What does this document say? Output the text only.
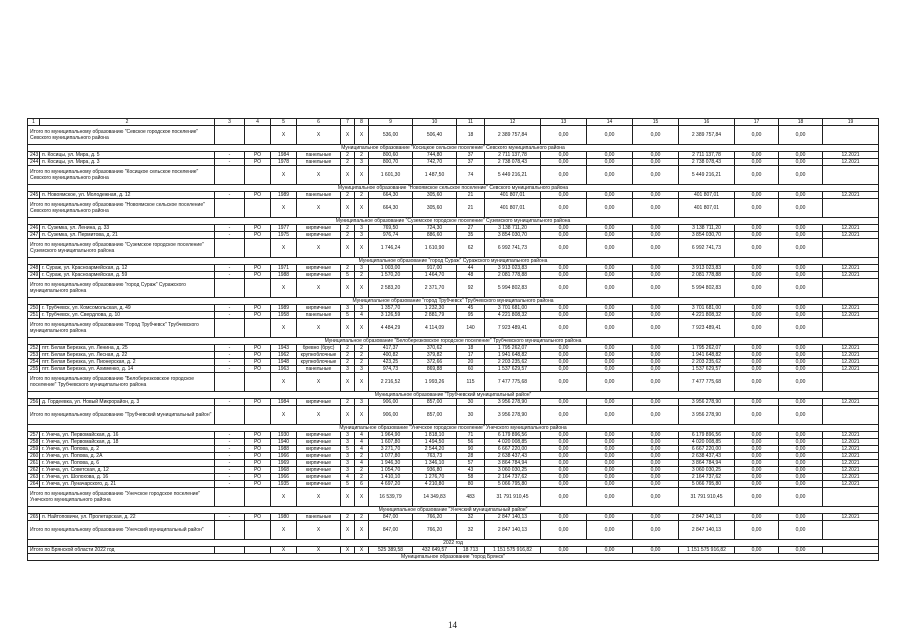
1	2	3	4	5	6	7	8	9	10	11	12	13	14	15	16	17	18	19
Итого по муниципальному образованию "Севское городское поселение" Севского муниципального района				X	X	X	X	536,00	506,40	18	2 389 757,84	0,00	0,00	0,00	2 389 757,84	0,00	0,00	
Муниципальное образование "Косицкое сельское поселение" Севского муниципального района																		
243	п. Косицы, ул. Мира, д. 5	-	РО	1984	панельные	2	2	800,60	744,80	37	2 711 137,78	0,00	0,00	0,00	2 711 137,78	0,00	0,00	12.2021
244	п. Косицы, ул. Мира, д. 3	-	РО	1978	панельные	2	3	800,70	742,70	37	2 738 078,43	0,00	0,00	0,00	2 738 078,43	0,00	0,00	12.2021
Итого по муниципальному образованию "Косицкое сельское поселение" Севского муниципального района				X	X	X	X	1 601,30	1 487,50	74	5 449 216,21	0,00	0,00	0,00	5 449 216,21	0,00	0,00	
Муниципальное образование "Новоямское сельское поселение" Севского муниципального района																		
245	п. Новоямское, ул. Молодежная, д. 12	-	РО	1989	панельные	2	2	664,30	305,60	21	401 807,01	0,00	0,00	0,00	401 807,01	0,00	0,00	12.2021
Итого по муниципальному образованию "Новоямское сельское поселение" Севского муниципального района				X	X	X	X	664,30	305,60	21	401 807,01	0,00	0,00	0,00	401 807,01	0,00	0,00	
Муниципальное образование "Суземское городское поселение" Суземского муниципального района																		
246	п. Суземка, ул. Ленина, д. 33	-	РО	1977	кирпичные	2	3	769,50	724,30	27	3 138 711,20	0,00	0,00	0,00	3 138 711,20	0,00	0,00	12.2021
247	п. Суземка, ул. Пермитова, д. 21	-	РО	1975	кирпичные	2	3	976,74	886,60	35	3 854 030,70	0,00	0,00	0,00	3 854 030,70	0,00	0,00	12.2021
Итого по муниципальному образованию "Суземское городское поселение" Суземского муниципального района				X	X	X	X	1 746,24	1 610,90	62	6 992 741,73	0,00	0,00	0,00	6 992 741,73	0,00	0,00	
Муниципальное образование "город Сураж" Суражского муниципального района																		
248	г. Сураж, ул. Красноармейская, д. 12	-	РО	1971	кирпичные	2	3	1 003,00	917,00	44	3 913 023,83	0,00	0,00	0,00	3 913 023,83	0,00	0,00	12.2021
249	г. Сураж, ул. Красноармейская, д. 59	-	РО	1988	кирпичные	5	2	1 570,20	1 464,70	48	2 081 778,88	0,00	0,00	0,00	2 081 778,88	0,00	0,00	12.2021
Итого по муниципальному образованию "город Сураж" Суражского муниципального района				X	X	X	X	2 583,20	2 371,70	92	5 994 802,83	0,00	0,00	0,00	5 994 802,83	0,00	0,00	
Муниципальное образование "город Трубчевск" Трубчевского муниципального района																		
250	г. Трубчевск, ул. Комсомольская, д. 49	-	РО	1989	кирпичные	3	3	1 357,70	1 232,30	45	3 701 681,00	0,00	0,00	0,00	3 701 681,00	0,00	0,00	12.2021
251	г. Трубчевск, ул. Свердлова, д. 10	-	РО	1958	панельные	5	4	3 126,59	2 881,79	95	4 221 808,32	0,00	0,00	0,00	4 221 808,32	0,00	0,00	12.2021
Итого по муниципальному образованию "Город Трубчевск" Трубчевского муниципального района				X	X	X	X	4 484,29	4 114,09	140	7 923 489,41	0,00	0,00	0,00	7 923 489,41	0,00	0,00	
Муниципальное образование "Белоберезковское городское поселение" Трубчевского муниципального района																		
252	пгт. Белая Березка, ул. Ленина, д. 25	-	РО	1943	бревно (брус)	2	2	417,37	370,62	18	1 795 262,07	0,00	0,00	0,00	1 795 262,07	0,00	0,00	12.2021
253	пгт. Белая Березка, ул. Лесная, д. 22	-	РО	1962	крупноблочные	2	2	400,82	379,82	17	1 941 648,82	0,00	0,00	0,00	1 941 648,82	0,00	0,00	12.2021
254	пгт. Белая Березка, ул. Пионерская, д. 2	-	РО	1948	крупноблочные	2	2	423,25	372,66	20	2 203 235,62	0,00	0,00	0,00	2 203 235,62	0,00	0,00	12.2021
255	пгт. Белая Березка, ул. Ахименко, д. 14	-	РО	1963	панельные	3	3	974,73	869,88	60	1 537 629,57	0,00	0,00	0,00	1 537 629,57	0,00	0,00	12.2021
Итого по муниципальному образованию "Белоберезковское городское поселение" Трубчевского муниципального района				X	X	X	X	2 216,52	1 993,26	115	7 477 775,68	0,00	0,00	0,00	7 477 775,68	0,00	0,00	
Муниципальное образование "Трубчевский муниципальный район"																		
256	д. Гордеевка, ул. Новый Микрорайон, д. 3	-	РО	1984	кирпичные	2	3	906,00	857,00	30	3 956 278,90	0,00	0,00	0,00	3 956 278,90	0,00	0,00	12.2021
Итого по муниципальному образованию "Трубчевский муниципальный район"				X	X	X	X	906,00	857,00	30	3 956 278,90	0,00	0,00	0,00	3 956 278,90	0,00	0,00	
Муниципальное образование "Унечское городское поселение" Унечского муниципального района																		
257	г. Унеча, ул. Первомайская, д. 16	-	РО	1930	кирпичные	3	4	1 964,90	1 818,10	71	6 179 896,56	0,00	0,00	0,00	6 179 896,56	0,00	0,00	12.2021
258	г. Унеча, ул. Первомайская, д. 18	-	РО	1940	кирпичные	3	4	1 607,80	1 494,50	56	4 020 008,85	0,00	0,00	0,00	4 020 008,85	0,00	0,00	12.2021
259	г. Унеча, ул. Попова, д. 2	-	РО	1988	кирпичные	5	4	3 271,70	2 544,20	90	6 667 220,00	0,00	0,00	0,00	6 667 220,00	0,00	0,00	12.2021
260	г. Унеча, ул. Попова, д. 2А	-	РО	1966	кирпичные	3	2	1 077,80	763,73	28	2 638 437,43	0,00	0,00	0,00	2 638 437,43	0,00	0,00	12.2021
261	г. Унеча, ул. Попова, д. 6	-	РО	1969	кирпичные	3	4	1 946,30	1 346,10	57	3 864 784,94	0,00	0,00	0,00	3 864 784,94	0,00	0,00	12.2021
262	г. Унеча, ул. Советская, д. 12	-	РО	1968	кирпичные	3	2	1 054,70	936,80	43	3 060 030,25	0,00	0,00	0,00	3 060 030,25	0,00	0,00	12.2021
263	г. Унеча, ул. Шолохова, д. 16	-	РО	1966	кирпичные	4	2	1 410,10	1 276,70	58	2 164 737,62	0,00	0,00	0,00	2 164 737,62	0,00	0,00	12.2021
264	г. Унеча, ул. Луначарского, д. 21	-	РО	1935	кирпичные	5	6	4 697,20	4 210,80	80	5 066 795,80	0,00	0,00	0,00	5 066 795,80	0,00	0,00	12.2021
Итого по муниципальному образованию "Унечское городское поселение" Унечского муниципального района				X	X	X	X	16 539,79	14 349,83	483	31 791 910,45	0,00	0,00	0,00	31 791 910,45	0,00	0,00	
Муниципальное образование "Унечский муниципальный район"																		
265	п. Найтоповичи, ул. Пролетарская, д. 22	-	РО	1980	панельные	2	2	847,00	766,20	32	2 847 140,13	0,00	0,00	0,00	2 847 140,13	0,00	0,00	12.2021
Итого по муниципальному образованию "Унечский муниципальный район"				X	X	X	X	847,00	766,20	32	2 847 140,13	0,00	0,00	0,00	2 847 140,13	0,00	0,00	
2022 год																		
Итого по Брянской области 2022 год				X	X	X	X	525 389,58	432 649,57	18 713	1 151 575 916,82	0,00	0,00	0,00	1 151 575 916,82	0,00	0,00	
Муниципальное образование "город Брянск"																		
14
